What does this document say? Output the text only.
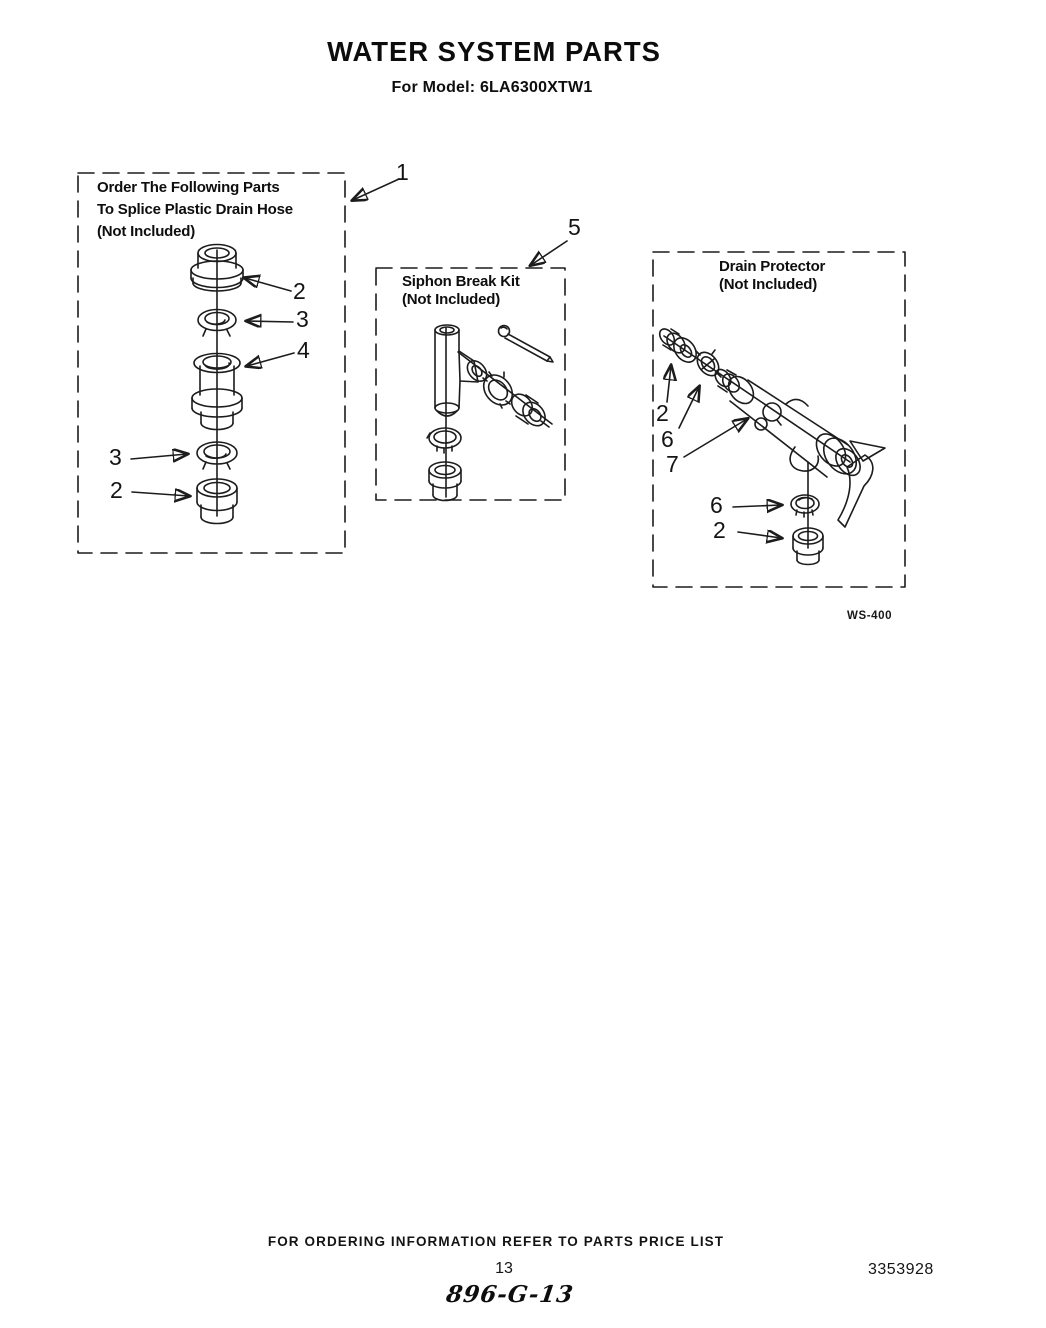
WATER SYSTEM PARTS
For Model: 6LA6300XTW1
Order The Following Parts
To Splice Plastic Drain Hose
(Not Included)
Siphon Break Kit
(Not Included)
Drain Protector
(Not Included)
1
5
2
3
4
3
2
2
6
7
6
2
WS-400
FOR ORDERING INFORMATION REFER TO PARTS PRICE LIST
13	3353928
896-G-13
